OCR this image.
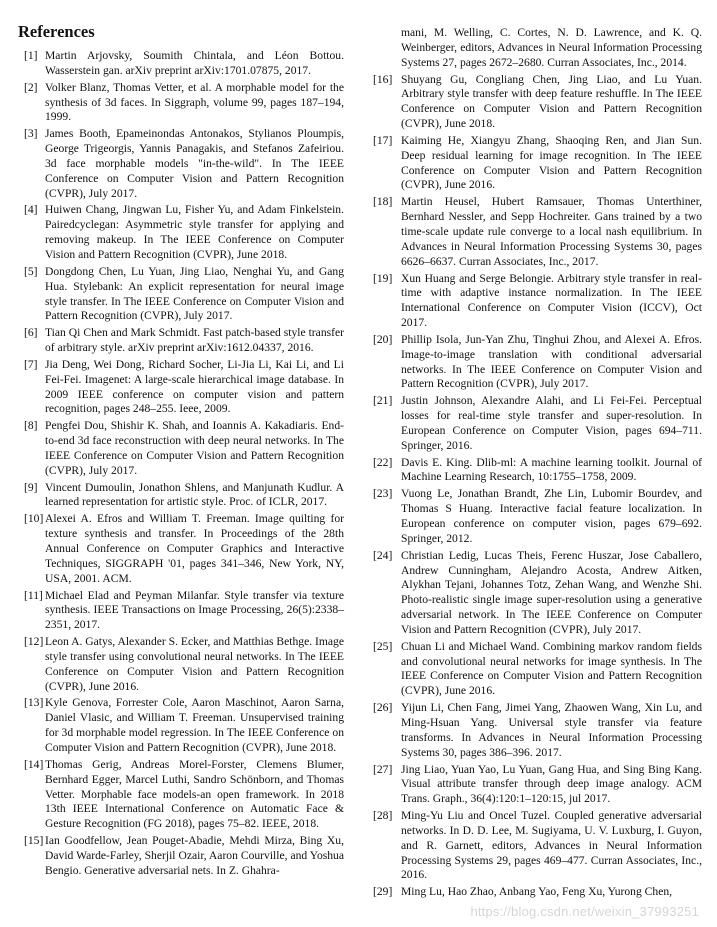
References
[1] Martin Arjovsky, Soumith Chintala, and Léon Bottou. Wasserstein gan. arXiv preprint arXiv:1701.07875, 2017.
[2] Volker Blanz, Thomas Vetter, et al. A morphable model for the synthesis of 3d faces. In Siggraph, volume 99, pages 187–194, 1999.
[3] James Booth, Epameinondas Antonakos, Stylianos Ploumpis, George Trigeorgis, Yannis Panagakis, and Stefanos Zafeiriou. 3d face morphable models "in-the-wild". In The IEEE Conference on Computer Vision and Pattern Recognition (CVPR), July 2017.
[4] Huiwen Chang, Jingwan Lu, Fisher Yu, and Adam Finkelstein. Pairedcyclegan: Asymmetric style transfer for applying and removing makeup. In The IEEE Conference on Computer Vision and Pattern Recognition (CVPR), June 2018.
[5] Dongdong Chen, Lu Yuan, Jing Liao, Nenghai Yu, and Gang Hua. Stylebank: An explicit representation for neural image style transfer. In The IEEE Conference on Computer Vision and Pattern Recognition (CVPR), July 2017.
[6] Tian Qi Chen and Mark Schmidt. Fast patch-based style transfer of arbitrary style. arXiv preprint arXiv:1612.04337, 2016.
[7] Jia Deng, Wei Dong, Richard Socher, Li-Jia Li, Kai Li, and Li Fei-Fei. Imagenet: A large-scale hierarchical image database. In 2009 IEEE conference on computer vision and pattern recognition, pages 248–255. Ieee, 2009.
[8] Pengfei Dou, Shishir K. Shah, and Ioannis A. Kakadiaris. End-to-end 3d face reconstruction with deep neural networks. In The IEEE Conference on Computer Vision and Pattern Recognition (CVPR), July 2017.
[9] Vincent Dumoulin, Jonathon Shlens, and Manjunath Kudlur. A learned representation for artistic style. Proc. of ICLR, 2017.
[10] Alexei A. Efros and William T. Freeman. Image quilting for texture synthesis and transfer. In Proceedings of the 28th Annual Conference on Computer Graphics and Interactive Techniques, SIGGRAPH '01, pages 341–346, New York, NY, USA, 2001. ACM.
[11] Michael Elad and Peyman Milanfar. Style transfer via texture synthesis. IEEE Transactions on Image Processing, 26(5):2338–2351, 2017.
[12] Leon A. Gatys, Alexander S. Ecker, and Matthias Bethge. Image style transfer using convolutional neural networks. In The IEEE Conference on Computer Vision and Pattern Recognition (CVPR), June 2016.
[13] Kyle Genova, Forrester Cole, Aaron Maschinot, Aaron Sarna, Daniel Vlasic, and William T. Freeman. Unsupervised training for 3d morphable model regression. In The IEEE Conference on Computer Vision and Pattern Recognition (CVPR), June 2018.
[14] Thomas Gerig, Andreas Morel-Forster, Clemens Blumer, Bernhard Egger, Marcel Luthi, Sandro Schönborn, and Thomas Vetter. Morphable face models-an open framework. In 2018 13th IEEE International Conference on Automatic Face & Gesture Recognition (FG 2018), pages 75–82. IEEE, 2018.
[15] Ian Goodfellow, Jean Pouget-Abadie, Mehdi Mirza, Bing Xu, David Warde-Farley, Sherjil Ozair, Aaron Courville, and Yoshua Bengio. Generative adversarial nets. In Z. Ghahra-
mani, M. Welling, C. Cortes, N. D. Lawrence, and K. Q. Weinberger, editors, Advances in Neural Information Processing Systems 27, pages 2672–2680. Curran Associates, Inc., 2014.
[16] Shuyang Gu, Congliang Chen, Jing Liao, and Lu Yuan. Arbitrary style transfer with deep feature reshuffle. In The IEEE Conference on Computer Vision and Pattern Recognition (CVPR), June 2018.
[17] Kaiming He, Xiangyu Zhang, Shaoqing Ren, and Jian Sun. Deep residual learning for image recognition. In The IEEE Conference on Computer Vision and Pattern Recognition (CVPR), June 2016.
[18] Martin Heusel, Hubert Ramsauer, Thomas Unterthiner, Bernhard Nessler, and Sepp Hochreiter. Gans trained by a two time-scale update rule converge to a local nash equilibrium. In Advances in Neural Information Processing Systems 30, pages 6626–6637. Curran Associates, Inc., 2017.
[19] Xun Huang and Serge Belongie. Arbitrary style transfer in real-time with adaptive instance normalization. In The IEEE International Conference on Computer Vision (ICCV), Oct 2017.
[20] Phillip Isola, Jun-Yan Zhu, Tinghui Zhou, and Alexei A. Efros. Image-to-image translation with conditional adversarial networks. In The IEEE Conference on Computer Vision and Pattern Recognition (CVPR), July 2017.
[21] Justin Johnson, Alexandre Alahi, and Li Fei-Fei. Perceptual losses for real-time style transfer and super-resolution. In European Conference on Computer Vision, pages 694–711. Springer, 2016.
[22] Davis E. King. Dlib-ml: A machine learning toolkit. Journal of Machine Learning Research, 10:1755–1758, 2009.
[23] Vuong Le, Jonathan Brandt, Zhe Lin, Lubomir Bourdev, and Thomas S Huang. Interactive facial feature localization. In European conference on computer vision, pages 679–692. Springer, 2012.
[24] Christian Ledig, Lucas Theis, Ferenc Huszar, Jose Caballero, Andrew Cunningham, Alejandro Acosta, Andrew Aitken, Alykhan Tejani, Johannes Totz, Zehan Wang, and Wenzhe Shi. Photo-realistic single image super-resolution using a generative adversarial network. In The IEEE Conference on Computer Vision and Pattern Recognition (CVPR), July 2017.
[25] Chuan Li and Michael Wand. Combining markov random fields and convolutional neural networks for image synthesis. In The IEEE Conference on Computer Vision and Pattern Recognition (CVPR), June 2016.
[26] Yijun Li, Chen Fang, Jimei Yang, Zhaowen Wang, Xin Lu, and Ming-Hsuan Yang. Universal style transfer via feature transforms. In Advances in Neural Information Processing Systems 30, pages 386–396. 2017.
[27] Jing Liao, Yuan Yao, Lu Yuan, Gang Hua, and Sing Bing Kang. Visual attribute transfer through deep image analogy. ACM Trans. Graph., 36(4):120:1–120:15, jul 2017.
[28] Ming-Yu Liu and Oncel Tuzel. Coupled generative adversarial networks. In D. D. Lee, M. Sugiyama, U. V. Luxburg, I. Guyon, and R. Garnett, editors, Advances in Neural Information Processing Systems 29, pages 469–477. Curran Associates, Inc., 2016.
[29] Ming Lu, Hao Zhao, Anbang Yao, Feng Xu, Yurong Chen,
https://blog.csdn.net/weixin_37993251
